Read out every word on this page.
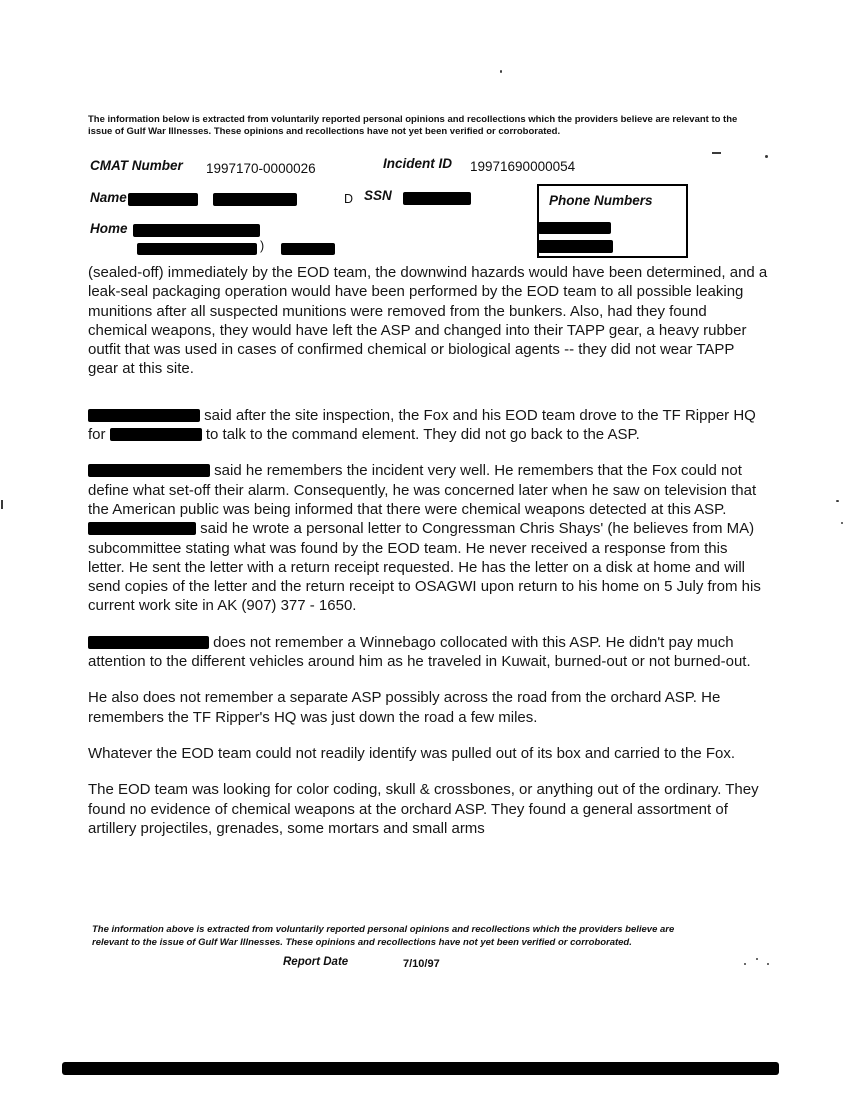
The information below is extracted from voluntarily reported personal opinions and recollections which the providers believe are relevant to the issue of Gulf War Illnesses. These opinions and recollections have not yet been verified or corroborated.
CMAT Number 1997170-0000026	Incident ID 19971690000054
Name	D SSN
Home
)
Phone Numbers

(sealed-off) immediately by the EOD team, the downwind hazards would have been determined, and a leak-seal packaging operation would have been performed by the EOD team to all possible leaking munitions after all suspected munitions were removed from the bunkers. Also, had they found chemical weapons, they would have left the ASP and changed into their TAPP gear, a heavy rubber outfit that was used in cases of confirmed chemical or biological agents -- they did not wear TAPP gear at this site.

said after the site inspection, the Fox and his EOD team drove to the TF Ripper HQ for	to talk to the command element. They did not go back to the ASP.

said he remembers the incident very well. He remembers that the Fox could not define what set-off their alarm. Consequently, he was concerned later when he saw on television that the American public was being informed that there were chemical weapons detected at this ASP.  said he wrote a personal letter to Congressman Chris Shays' (he believes from MA) subcommittee stating what was found by the EOD team. He never received a response from this letter. He sent the letter with a return receipt requested. He has the letter on a disk at home and will send copies of the letter and the return receipt to OSAGWI upon return to his home on 5 July from his current work site in AK (907) 377 - 1650.

does not remember a Winnebago collocated with this ASP. He didn't pay much attention to the different vehicles around him as he traveled in Kuwait, burned-out or not burned-out.

He also does not remember a separate ASP possibly across the road from the orchard ASP. He remembers the TF Ripper's HQ was just down the road a few miles.

Whatever the EOD team could not readily identify was pulled out of its box and carried to the Fox.

The EOD team was looking for color coding, skull & crossbones, or anything out of the ordinary. They found no evidence of chemical weapons at the orchard ASP. They found a general assortment of artillery projectiles, grenades, some mortars and small arms

The information above is extracted from voluntarily reported personal opinions and recollections which the providers believe are relevant to the issue of Gulf War Illnesses. These opinions and recollections have not yet been verified or corroborated.
Report Date	7/10/97
